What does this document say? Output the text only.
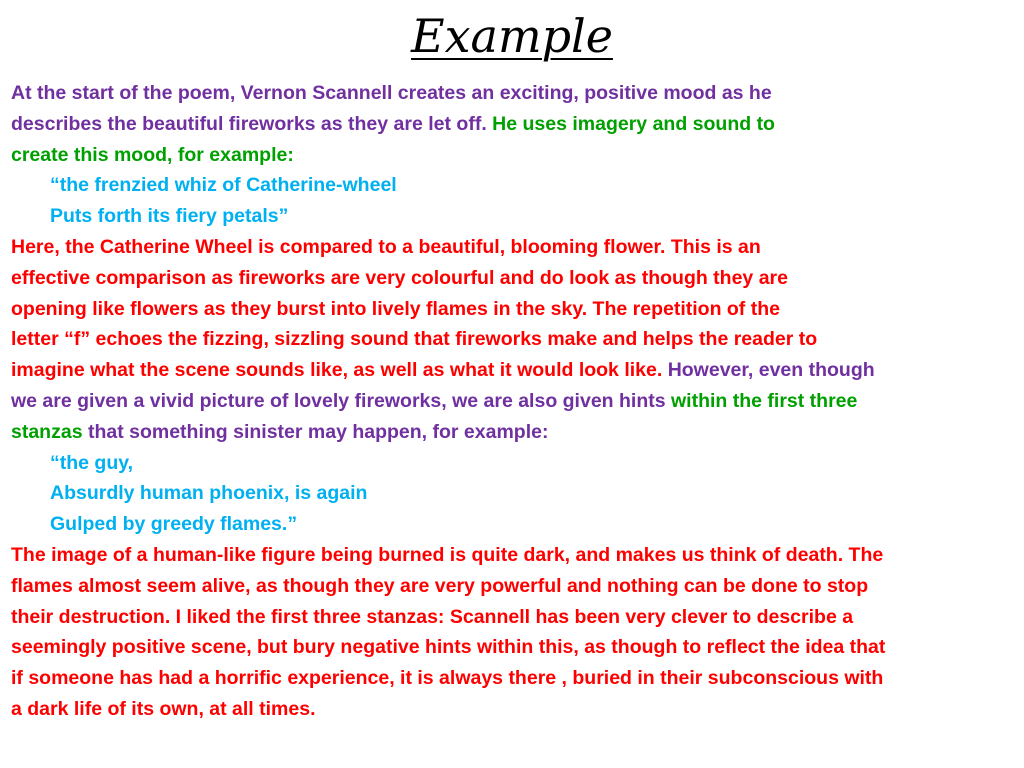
Example
At the start of the poem, Vernon Scannell creates an exciting, positive mood as he
describes the beautiful fireworks as they are let off. He uses imagery and sound to
create this mood, for example:
“the frenzied whiz of Catherine-wheel
Puts forth its fiery petals”
Here, the Catherine Wheel is compared to a beautiful, blooming flower. This is an
effective comparison as fireworks are very colourful and do look as though they are
opening like flowers as they burst into lively flames in the sky. The repetition of the
letter “f” echoes the fizzing, sizzling sound that fireworks make and helps the reader to
imagine what the scene sounds like, as well as what it would look like. However, even though
we are given a vivid picture of lovely fireworks, we are also given hints within the first three
stanzas that something sinister may happen, for example:
“the guy,
Absurdly human phoenix, is again
Gulped by greedy flames.”
The image of a human-like figure being burned is quite dark, and makes us think of death. The
flames almost seem alive, as though they are very powerful and nothing can be done to stop
their destruction. I liked the first three stanzas: Scannell has been very clever to describe a
seemingly positive scene, but bury negative hints within this, as though to reflect the idea that
if someone has had a horrific experience, it is always there , buried in their subconscious with
a dark life of its own, at all times.
